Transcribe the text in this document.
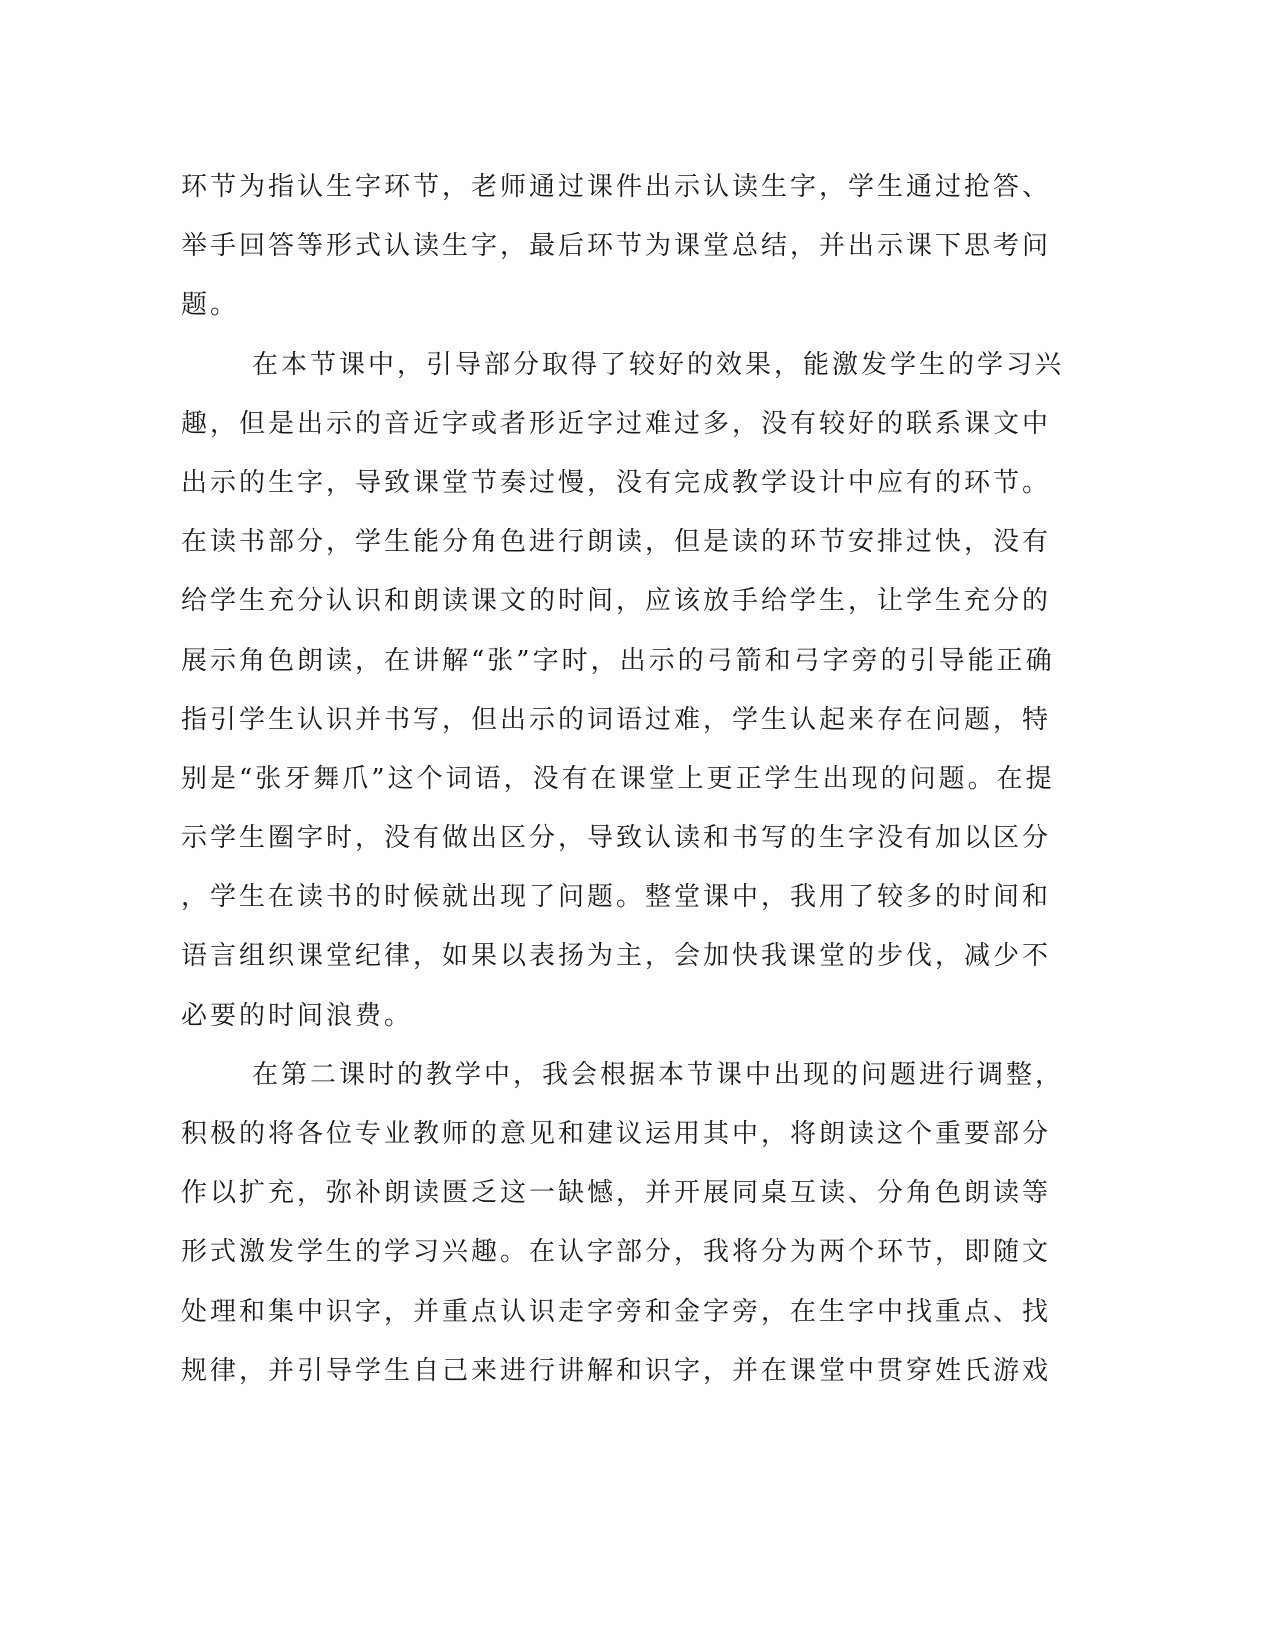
环节为指认生字环节，老师通过课件出示认读生字，学生通过抢答、
举手回答等形式认读生字，最后环节为课堂总结，并出示课下思考问
题。
在本节课中，引导部分取得了较好的效果，能激发学生的学习兴
趣，但是出示的音近字或者形近字过难过多，没有较好的联系课文中
出示的生字，导致课堂节奏过慢，没有完成教学设计中应有的环节。
在读书部分，学生能分角色进行朗读，但是读的环节安排过快，没有
给学生充分认识和朗读课文的时间，应该放手给学生，让学生充分的
展示角色朗读，在讲解“张”字时，出示的弓箭和弓字旁的引导能正确
指引学生认识并书写，但出示的词语过难，学生认起来存在问题，特
别是“张牙舞爪”这个词语，没有在课堂上更正学生出现的问题。在提
示学生圈字时，没有做出区分，导致认读和书写的生字没有加以区分
，学生在读书的时候就出现了问题。整堂课中，我用了较多的时间和
语言组织课堂纪律，如果以表扬为主，会加快我课堂的步伐，减少不
必要的时间浪费。
在第二课时的教学中，我会根据本节课中出现的问题进行调整，
积极的将各位专业教师的意见和建议运用其中，将朗读这个重要部分
作以扩充，弥补朗读匮乏这一缺憾，并开展同桌互读、分角色朗读等
形式激发学生的学习兴趣。在认字部分，我将分为两个环节，即随文
处理和集中识字，并重点认识走字旁和金字旁，在生字中找重点、找
规律，并引导学生自己来进行讲解和识字，并在课堂中贯穿姓氏游戏
